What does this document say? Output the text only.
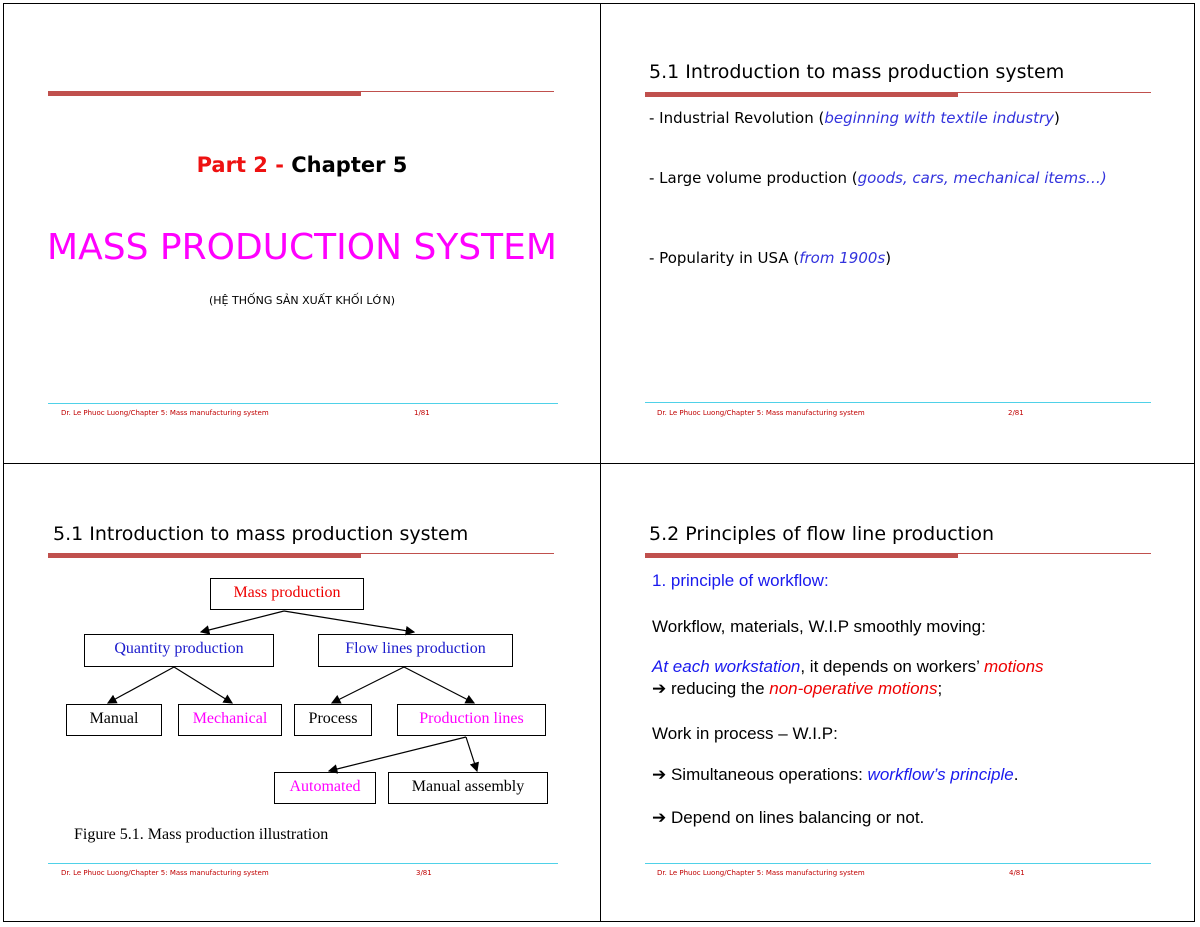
Part 2 - Chapter 5
MASS PRODUCTION SYSTEM
(HỆ THỐNG SẢN XUẤT KHỐI LỚN)
Dr. Le Phuoc Luong/Chapter 5: Mass manufacturing system	1/81
5.1 Introduction to mass production system
- Industrial Revolution (beginning with textile industry)
- Large volume production (goods, cars, mechanical items…)
- Popularity in USA (from 1900s)
Dr. Le Phuoc Luong/Chapter 5: Mass manufacturing system	2/81
5.1 Introduction to mass production system
Mass production
Quantity production	Flow lines production
Manual	Mechanical	Process	Production lines
Automated	Manual assembly
Figure 5.1. Mass production illustration
Dr. Le Phuoc Luong/Chapter 5: Mass manufacturing system	3/81
5.2 Principles of flow line production
1. principle of workflow:
Workflow, materials, W.I.P smoothly moving:
At each workstation, it depends on workers’ motions
➔ reducing the non-operative motions;
Work in process – W.I.P:
➔ Simultaneous operations: workflow’s principle.
➔ Depend on lines balancing or not.
Dr. Le Phuoc Luong/Chapter 5: Mass manufacturing system	4/81
